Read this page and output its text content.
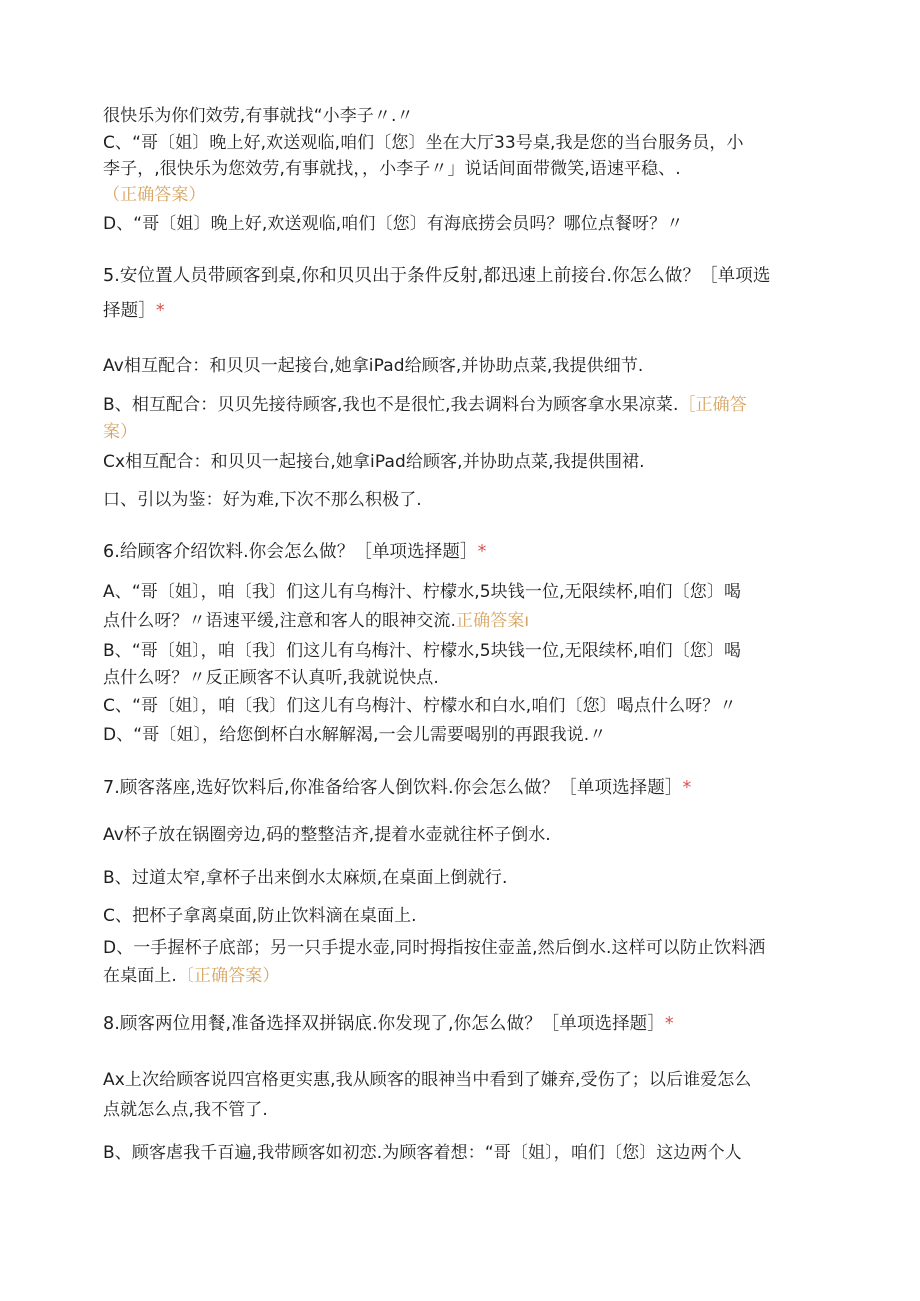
很快乐为你们效劳,有事就找“小李子〃.〃
C、“哥〔姐〕晚上好,欢送观临,咱们〔您〕坐在大厅33号桌,我是您的当台服务员，小
李子，,很快乐为您效劳,有事就找，，小李子〃」说话间面带微笑,语速平稳、.
（正确答案）
D、“哥〔姐〕晚上好,欢送观临,咱们〔您〕有海底捞会员吗？哪位点餐呀？〃
5.安位置人员带顾客到桌,你和贝贝出于条件反射,都迅速上前接台.你怎么做？［单项选
择题］*
Av相互配合：和贝贝一起接台,她拿iPad给顾客,并协助点菜,我提供细节.
B、相互配合：贝贝先接待顾客,我也不是很忙,我去调料台为顾客拿水果凉菜.［正确答
案）
Cx相互配合：和贝贝一起接台,她拿iPad给顾客,并协助点菜,我提供围裙.
口、引以为鉴：好为难,下次不那么积极了.
6.给顾客介绍饮料.你会怎么做？［单项选择题］*
A、“哥〔姐〕，咱〔我〕们这儿有乌梅汁、柠檬水,5块钱一位,无限续杯,咱们〔您〕喝
点什么呀？〃语速平缓,注意和客人的眼神交流.正确答案ı
B、“哥〔姐〕，咱〔我〕们这儿有乌梅汁、柠檬水,5块钱一位,无限续杯,咱们〔您〕喝
点什么呀？〃反正顾客不认真听,我就说快点.
C、“哥〔姐〕，咱〔我〕们这儿有乌梅汁、柠檬水和白水,咱们〔您〕喝点什么呀？〃
D、“哥〔姐〕，给您倒杯白水解解渴,一会儿需要喝别的再跟我说.〃
7.顾客落座,选好饮料后,你准备给客人倒饮料.你会怎么做？［单项选择题］*
Av杯子放在锅圈旁边,码的整整洁齐,提着水壶就往杯子倒水.
B、过道太窄,拿杯子出来倒水太麻烦,在桌面上倒就行.
C、把杯子拿离桌面,防止饮料滴在桌面上.
D、一手握杯子底部；另一只手提水壶,同时拇指按住壶盖,然后倒水.这样可以防止饮料洒
在桌面上.〔正确答案）
8.顾客两位用餐,准备选择双拼锅底.你发现了,你怎么做？［单项选择题］*
Ax上次给顾客说四宫格更实惠,我从顾客的眼神当中看到了嫌弃,受伤了；以后谁爱怎么
点就怎么点,我不管了.
B、顾客虐我千百遍,我带顾客如初恋.为顾客着想：“哥〔姐〕，咱们〔您〕这边两个人
